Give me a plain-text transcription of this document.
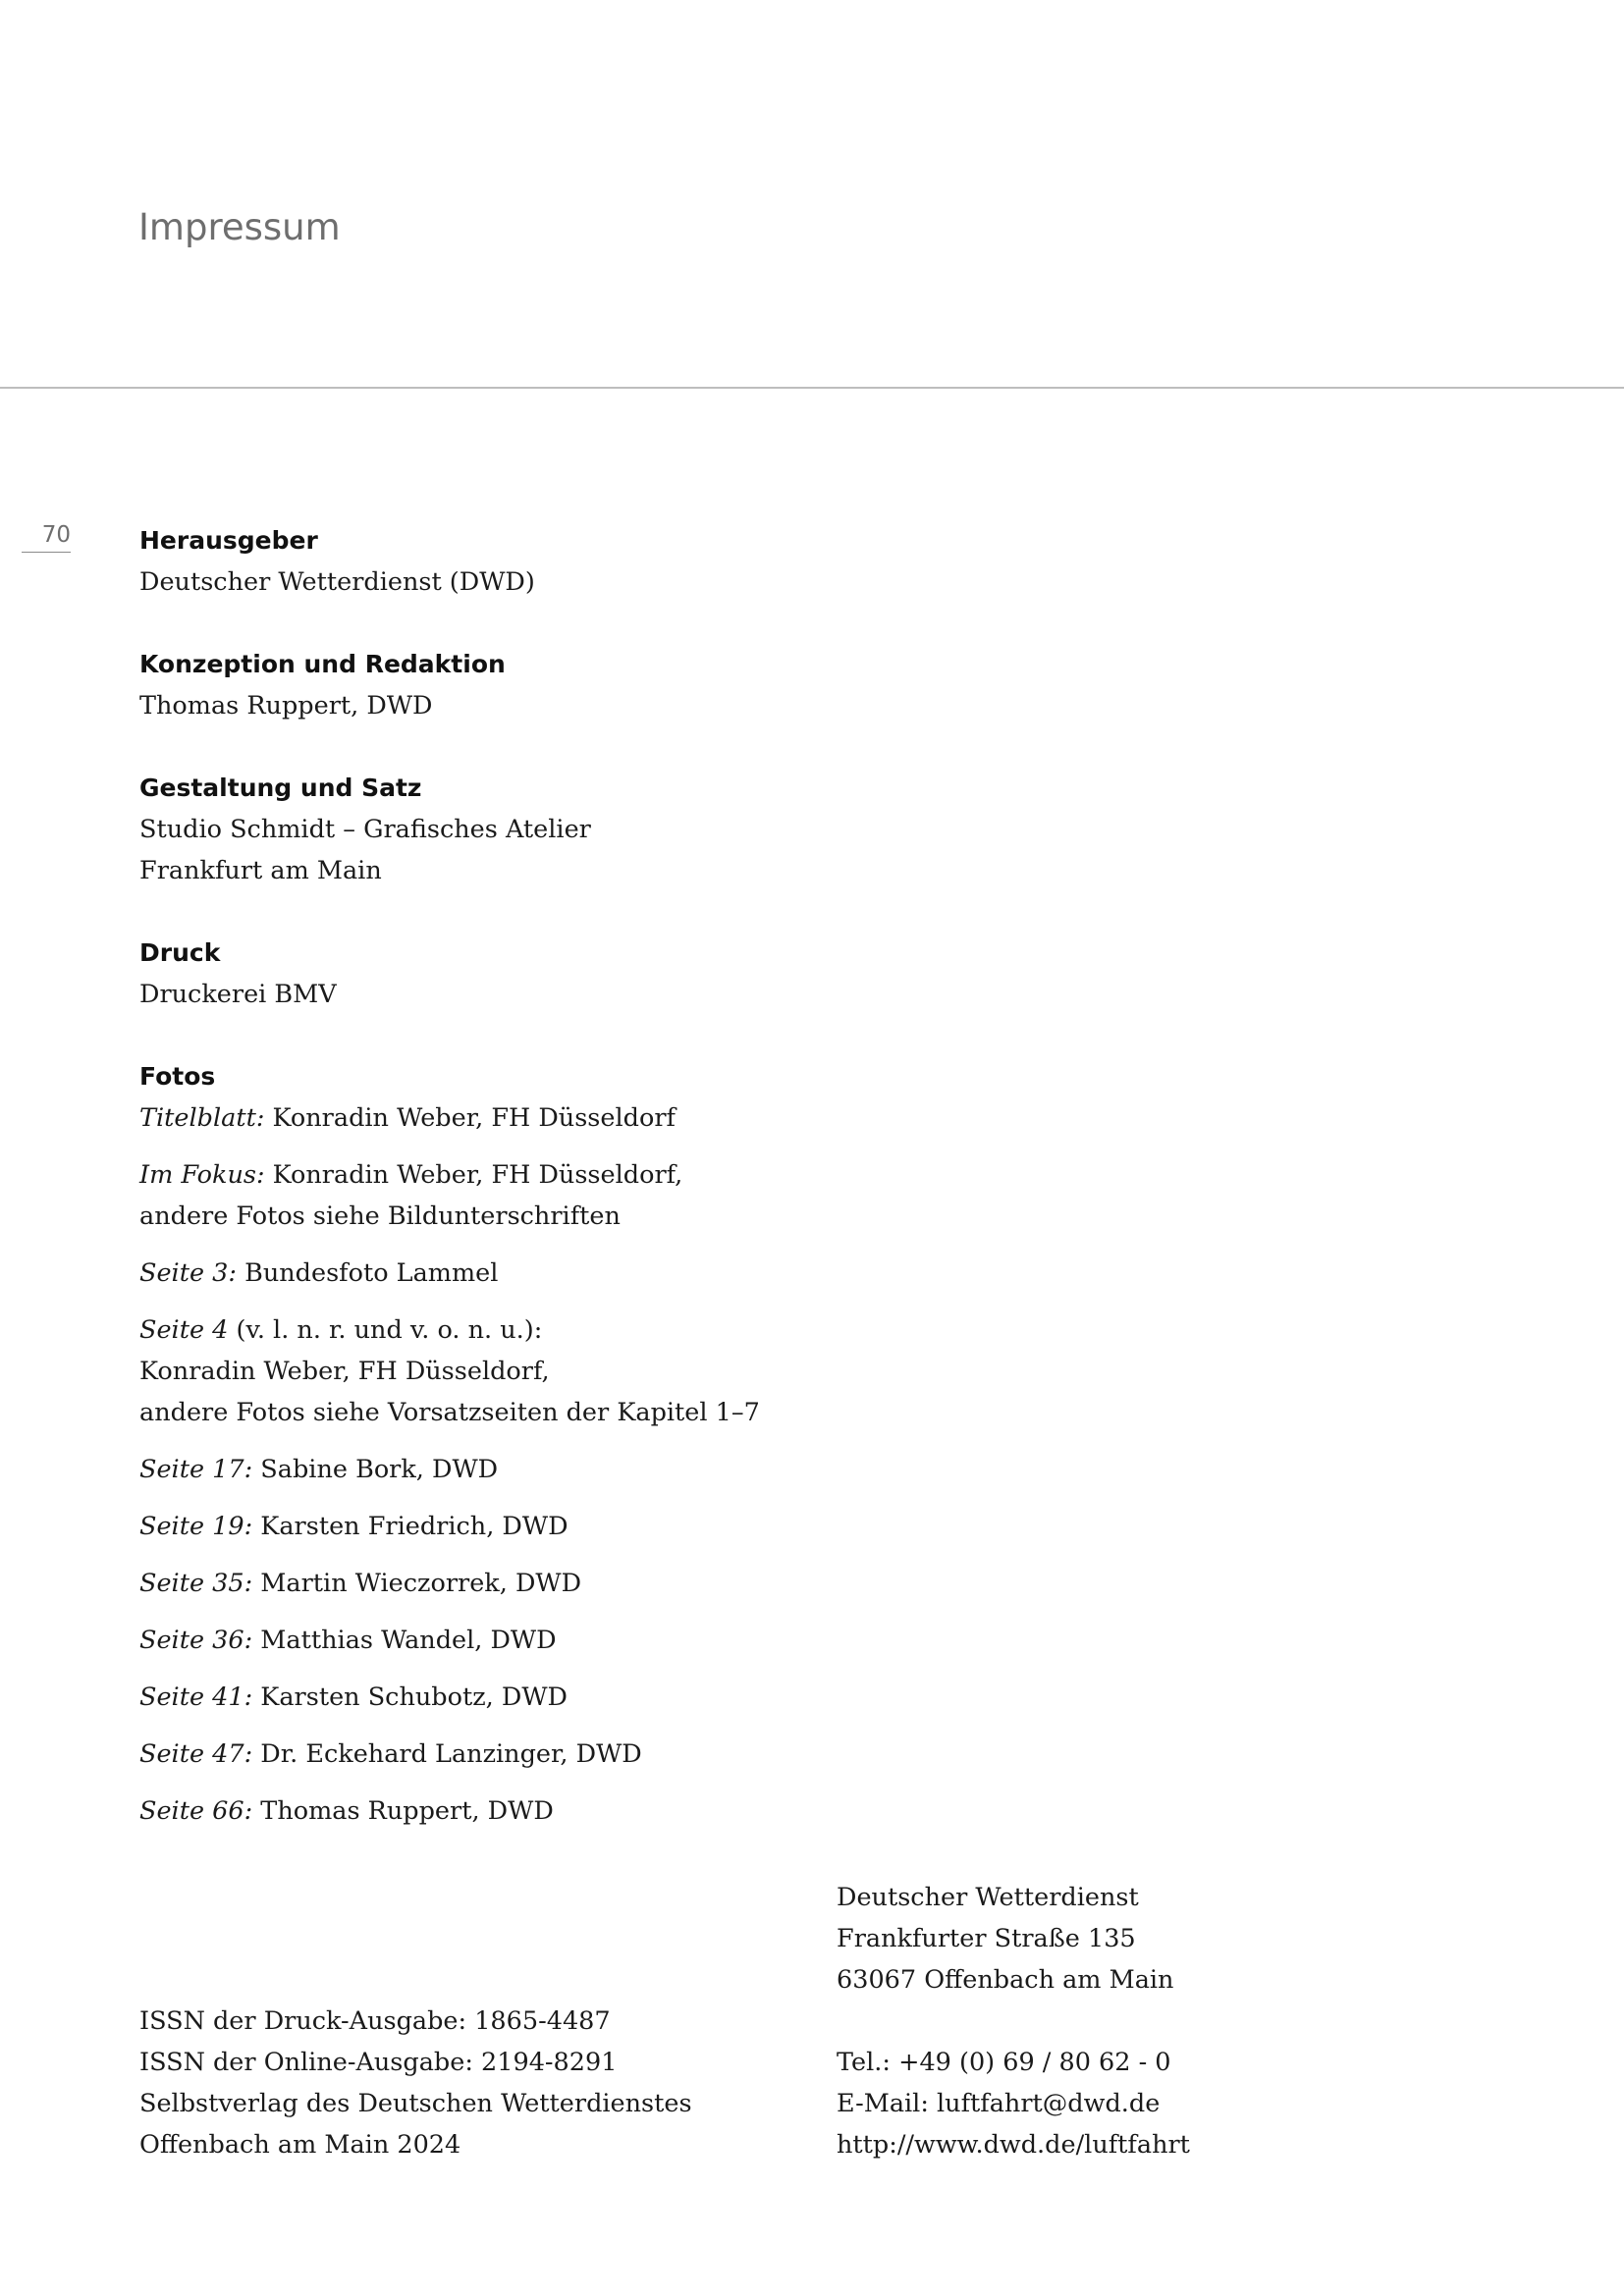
Impressum
70	Herausgeber
Deutscher Wetterdienst (DWD)
Konzeption und Redaktion
Thomas Ruppert, DWD
Gestaltung und Satz
Studio Schmidt – Grafisches Atelier
Frankfurt am Main
Druck
Druckerei BMV
Fotos
Titelblatt: Konradin Weber, FH Düsseldorf
Im Fokus: Konradin Weber, FH Düsseldorf,
andere Fotos siehe Bildunterschriften
Seite 3: Bundesfoto Lammel
Seite 4 (v. l. n. r. und v. o. n. u.):
Konradin Weber, FH Düsseldorf,
andere Fotos siehe Vorsatzseiten der Kapitel 1–7
Seite 17: Sabine Bork, DWD
Seite 19: Karsten Friedrich, DWD
Seite 35: Martin Wieczorrek, DWD
Seite 36: Matthias Wandel, DWD
Seite 41: Karsten Schubotz, DWD
Seite 47: Dr. Eckehard Lanzinger, DWD
Seite 66: Thomas Ruppert, DWD
ISSN der Druck-Ausgabe: 1865-4487
ISSN der Online-Ausgabe: 2194-8291
Selbstverlag des Deutschen Wetterdienstes
Offenbach am Main 2024
Deutscher Wetterdienst
Frankfurter Straße 135
63067 Offenbach am Main
Tel.: +49 (0) 69 / 80 62 - 0
E-Mail: luftfahrt@dwd.de
http://www.dwd.de/luftfahrt
